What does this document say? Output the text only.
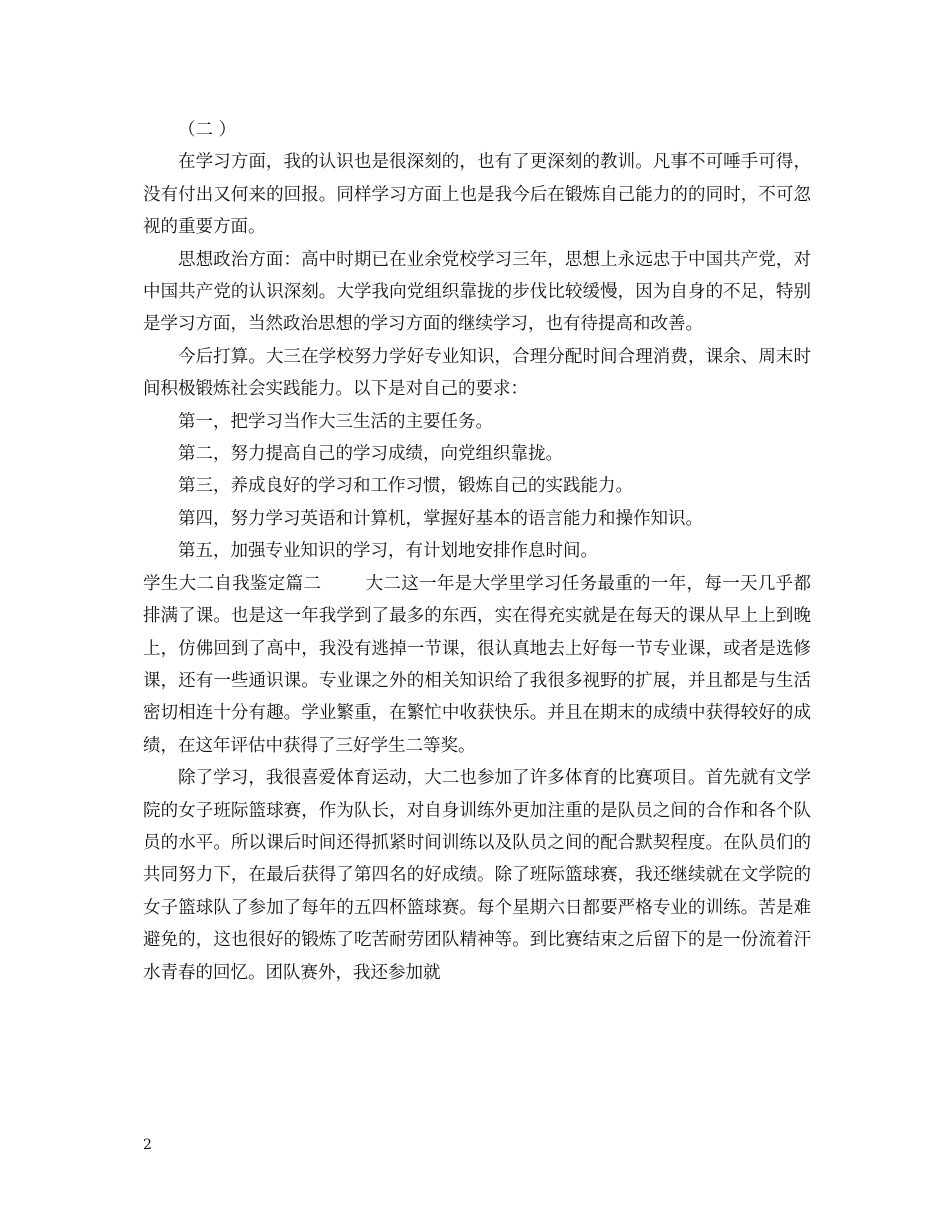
（二 ）

在学习方面，我的认识也是很深刻的，也有了更深刻的教训。凡事不可唾手可得，没有付出又何来的回报。同样学习方面上也是我今后在锻炼自己能力的的同时，不可忽视的重要方面。

思想政治方面：高中时期已在业余党校学习三年，思想上永远忠于中国共产党，对中国共产党的认识深刻。大学我向党组织靠拢的步伐比较缓慢，因为自身的不足，特别是学习方面，当然政治思想的学习方面的继续学习，也有待提高和改善。

今后打算。大三在学校努力学好专业知识，合理分配时间合理消费，课余、周末时间积极锻炼社会实践能力。以下是对自己的要求：

第一，把学习当作大三生活的主要任务。

第二，努力提高自己的学习成绩，向党组织靠拢。

第三，养成良好的学习和工作习惯，锻炼自己的实践能力。

第四，努力学习英语和计算机，掌握好基本的语言能力和操作知识。

第五，加强专业知识的学习，有计划地安排作息时间。

学生大二自我鉴定篇二	大二这一年是大学里学习任务最重的一年，每一天几乎都排满了课。也是这一年我学到了最多的东西，实在得充实就是在每天的课从早上上到晚上，仿佛回到了高中，我没有逃掉一节课，很认真地去上好每一节专业课，或者是选修课，还有一些通识课。专业课之外的相关知识给了我很多视野的扩展，并且都是与生活密切相连十分有趣。学业繁重，在繁忙中收获快乐。并且在期末的成绩中获得较好的成绩，在这年评估中获得了三好学生二等奖。

除了学习，我很喜爱体育运动，大二也参加了许多体育的比赛项目。首先就有文学院的女子班际篮球赛，作为队长，对自身训练外更加注重的是队员之间的合作和各个队员的水平。所以课后时间还得抓紧时间训练以及队员之间的配合默契程度。在队员们的共同努力下，在最后获得了第四名的好成绩。除了班际篮球赛，我还继续就在文学院的女子篮球队了参加了每年的五四杯篮球赛。每个星期六日都要严格专业的训练。苦是难避免的，这也很好的锻炼了吃苦耐劳团队精神等。到比赛结束之后留下的是一份流着汗水青春的回忆。团队赛外，我还参加就

2
